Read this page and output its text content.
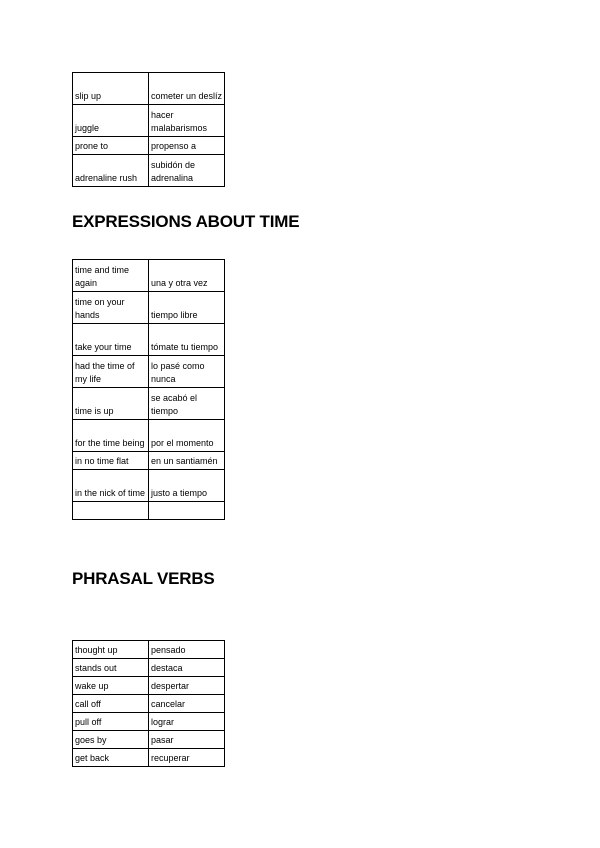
slip up	cometer un deslíz
juggle	hacer malabarismos
prone to	propenso a
adrenaline rush	subidón de adrenalina
EXPRESSIONS ABOUT TIME
time and time again	una y otra vez
time on your hands	tiempo libre
take your time	tómate tu tiempo
had the time of my life	lo pasé como nunca
time is up	se acabó el tiempo
for the time being	por el momento
in no time flat	en un santiamén
in the nick of time	justo a tiempo

PHRASAL VERBS
thought up	pensado
stands out	destaca
wake up	despertar
call off	cancelar
pull off	lograr
goes by	pasar
get back	recuperar
